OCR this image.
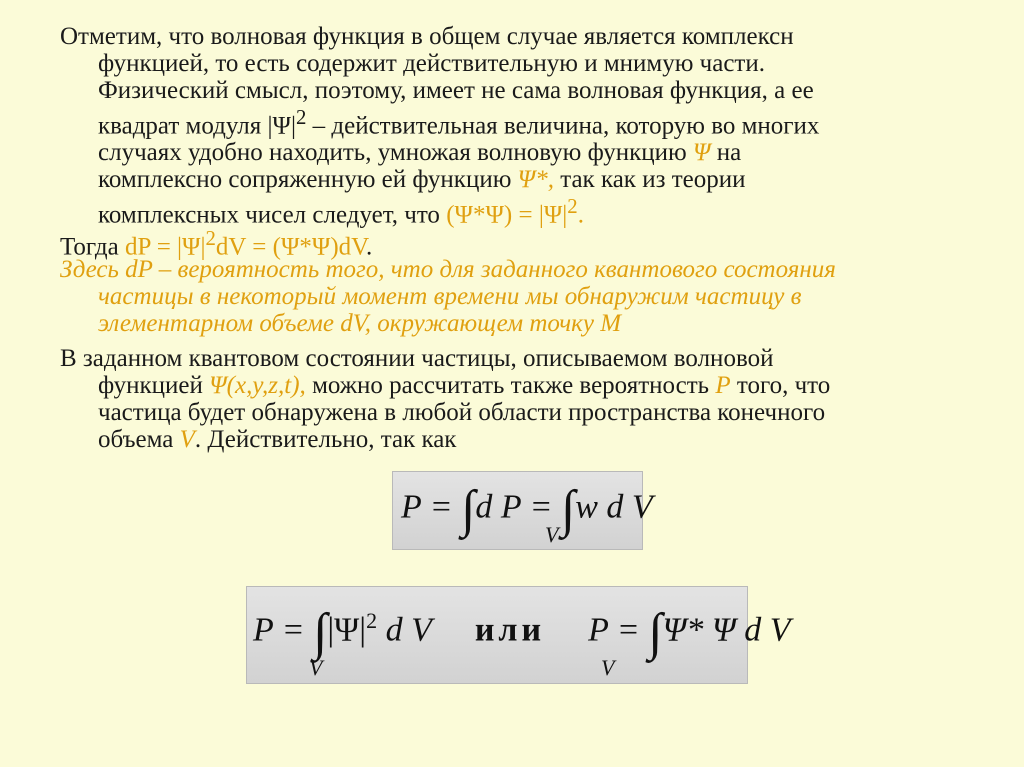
Отметим, что волновая функция в общем случае является комплексн
функцией, то есть содержит действительную и мнимую части.
Физический смысл, поэтому, имеет не сама волновая функция, а ее
квадрат модуля $|\Psi|^2$ – действительная величина, которую во многих
случаях удобно находить, умножая волновую функцию Ψ на
комплексно сопряженную ей функцию Ψ*, так как из теории
комплексных чисел следует, что $(\Psi*\Psi) = |\Psi|^2$.
Тогда dP = $|\Psi|^2dV = (\Psi*\Psi)dV$.
Здесь dP – вероятность того, что для заданного квантового состояния
частицы в некоторый момент времени мы обнаружим частицу в
элементарном объеме dV, окружающем точку М
В заданном квантовом состоянии частицы, описываемом волновой
функцией Ψ(x,y,z,t), можно рассчитать также вероятность P того, что
частица будет обнаружена в любой области пространства конечного
объема V. Действительно, так как
P = ∫d P = ∫w d V
V
$P = \int|\Psi|^2$ d V или P = ∫Ψ* Ψ d V
V	V
